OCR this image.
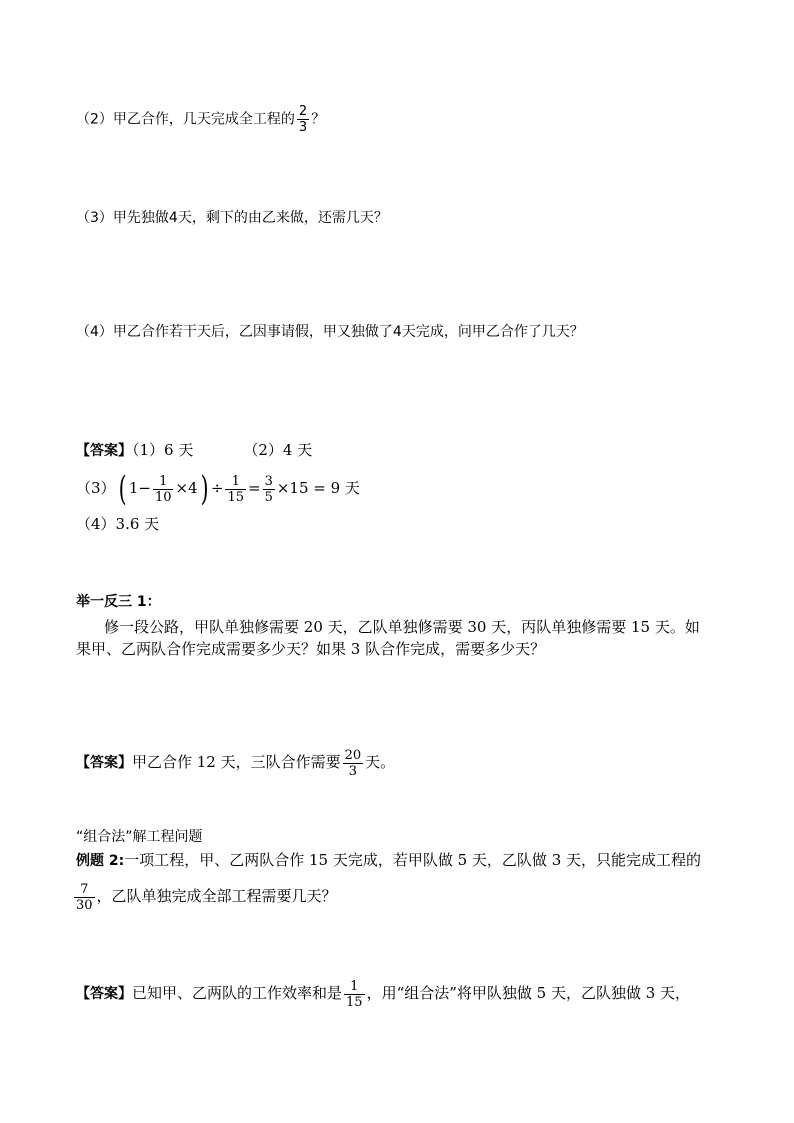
（2）甲乙合作，几天完成全工程的 $\frac{2}{3}$ ？
（3）甲先独做4天，剩下的由乙来做，还需几天？
（4）甲乙合作若干天后，乙因事请假，甲又独做了4天完成，问甲乙合作了几天？
【答案】（1）6 天	（2）4 天
（3）( $1- \frac{1}{10} \times 4) \div \frac{1}{15} = \frac{3}{5} \times 15 = 9$ 天
（4）3.6 天
举一反三 1：
修一段公路，甲队单独修需要 20 天，乙队单独修需要 30 天，丙队单独修需要 15 天。如
果甲、乙两队合作完成需要多少天？如果 3 队合作完成，需要多少天？
【答案】甲乙合作 12 天，三队合作需要 $\frac{20}{3}$ 天。
“组合法”解工程问题
例题 2:一项工程，甲、乙两队合作 15 天完成，若甲队做 5 天，乙队做 3 天，只能完成工程的
$\frac{7}{30}$ ，乙队单独完成全部工程需要几天？
【答案】已知甲、乙两队的工作效率和是 $\frac{1}{15}$ ，用“组合法”将甲队独做 5 天，乙队独做 3 天，
